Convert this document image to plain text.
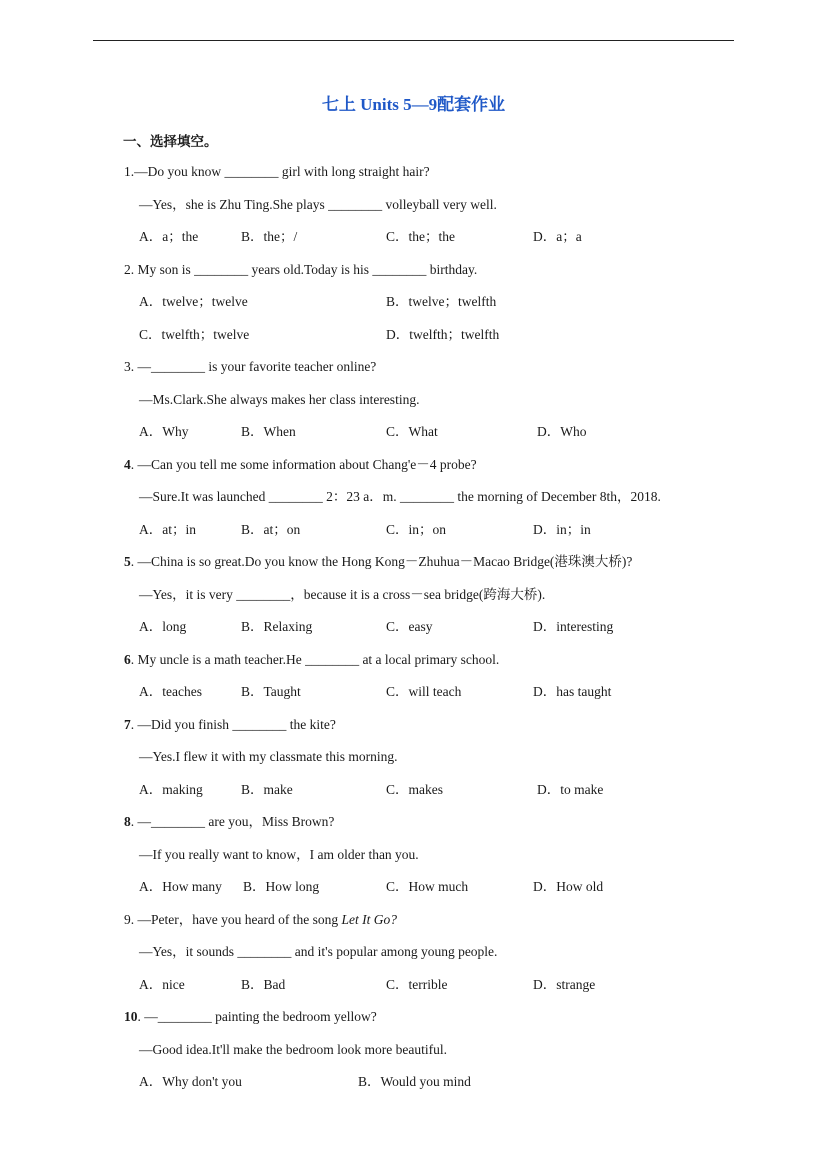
七上 Units 5—9配套作业
一、选择填空。
1.—Do you know ________ girl with long straight hair?
—Yes，she is Zhu Ting.She plays ________ volleyball very well.
A．a；the	B．the；/	C．the；the	D．a；a
2. My son is ________ years old.Today is his ________ birthday.
A．twelve；twelve	B．twelve；twelfth
C．twelfth；twelve	D．twelfth；twelfth
3. —________ is your favorite teacher online?
—Ms.Clark.She always makes her class interesting.
A．Why	B．When	C．What	D．Who
4. —Can you tell me some information about Chang'e－4 probe?
—Sure.It was launched ________ 2：23 a．m. ________ the morning of December 8th，2018.
A．at；in	B．at；on	C．in；on	D．in；in
5. —China is so great.Do you know the Hong Kong－Zhuhua－Macao Bridge(港珠澳大桥)?
—Yes，it is very ________，because it is a cross－sea bridge(跨海大桥).
A．long	B．Relaxing	C．easy	D．interesting
6. My uncle is a math teacher.He ________ at a local primary school.
A．teaches	B．Taught	C．will teach	D．has taught
7. —Did you finish ________ the kite?
—Yes.I flew it with my classmate this morning.
A．making	B．make	C．makes	D．to make
8. —________ are you，Miss Brown?
—If you really want to know，I am older than you.
A．How many B．How long	C．How much	D．How old
9. —Peter，have you heard of the song Let It Go?
—Yes，it sounds ________ and it's popular among young people.
A．nice	B．Bad	C．terrible	D．strange
10. —________ painting the bedroom yellow?
—Good idea.It'll make the bedroom look more beautiful.
A．Why don't you	B．Would you mind
